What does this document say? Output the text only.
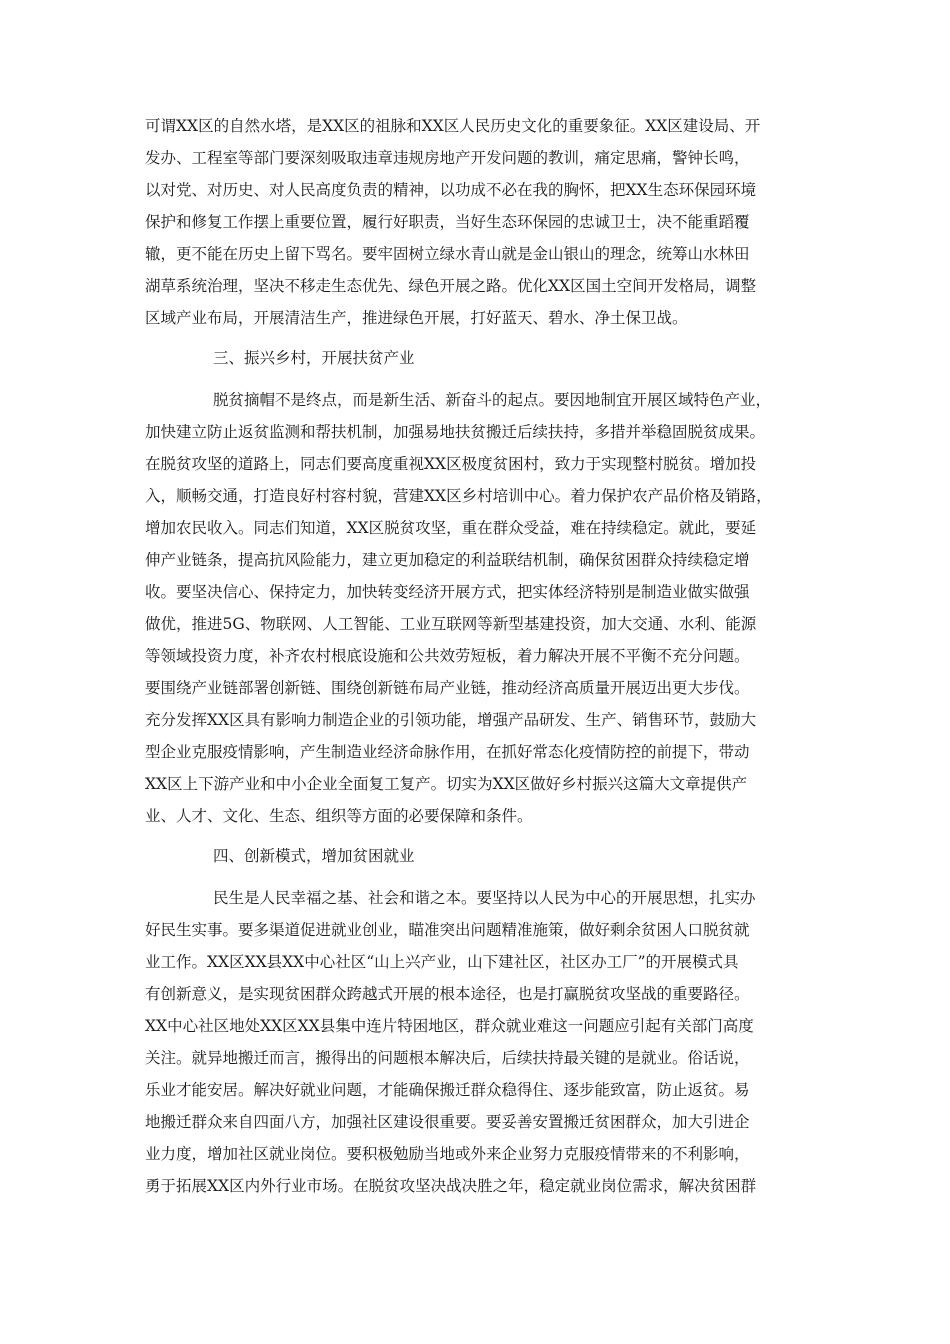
可谓XX区的自然水塔，是XX区的祖脉和XX区人民历史文化的重要象征。XX区建设局、开
发办、工程室等部门要深刻吸取违章违规房地产开发问题的教训，痛定思痛，警钟长鸣，
以对党、对历史、对人民高度负责的精神，以功成不必在我的胸怀，把XX生态环保园环境
保护和修复工作摆上重要位置，履行好职责，当好生态环保园的忠诚卫士，决不能重蹈覆
辙，更不能在历史上留下骂名。要牢固树立绿水青山就是金山银山的理念，统筹山水林田
湖草系统治理，坚决不移走生态优先、绿色开展之路。优化XX区国土空间开发格局，调整
区域产业布局，开展清洁生产，推进绿色开展，打好蓝天、碧水、净土保卫战。
三、振兴乡村，开展扶贫产业
脱贫摘帽不是终点，而是新生活、新奋斗的起点。要因地制宜开展区域特色产业，
加快建立防止返贫监测和帮扶机制，加强易地扶贫搬迁后续扶持，多措并举稳固脱贫成果。
在脱贫攻坚的道路上，同志们要高度重视XX区极度贫困村，致力于实现整村脱贫。增加投
入，顺畅交通，打造良好村容村貌，营建XX区乡村培训中心。着力保护农产品价格及销路，
增加农民收入。同志们知道，XX区脱贫攻坚，重在群众受益，难在持续稳定。就此，要延
伸产业链条，提高抗风险能力，建立更加稳定的利益联结机制，确保贫困群众持续稳定增
收。要坚决信心、保持定力，加快转变经济开展方式，把实体经济特别是制造业做实做强
做优，推进5G、物联网、人工智能、工业互联网等新型基建投资，加大交通、水利、能源
等领域投资力度，补齐农村根底设施和公共效劳短板，着力解决开展不平衡不充分问题。
要围绕产业链部署创新链、围绕创新链布局产业链，推动经济高质量开展迈出更大步伐。
充分发挥XX区具有影响力制造企业的引领功能，增强产品研发、生产、销售环节，鼓励大
型企业克服疫情影响，产生制造业经济命脉作用，在抓好常态化疫情防控的前提下，带动
XX区上下游产业和中小企业全面复工复产。切实为XX区做好乡村振兴这篇大文章提供产
业、人才、文化、生态、组织等方面的必要保障和条件。
四、创新模式，增加贫困就业
民生是人民幸福之基、社会和谐之本。要坚持以人民为中心的开展思想，扎实办
好民生实事。要多渠道促进就业创业，瞄准突出问题精准施策，做好剩余贫困人口脱贫就
业工作。XX区XX县XX中心社区“山上兴产业，山下建社区，社区办工厂”的开展模式具
有创新意义，是实现贫困群众跨越式开展的根本途径，也是打赢脱贫攻坚战的重要路径。
XX中心社区地处XX区XX县集中连片特困地区，群众就业难这一问题应引起有关部门高度
关注。就异地搬迁而言，搬得出的问题根本解决后，后续扶持最关键的是就业。俗话说，
乐业才能安居。解决好就业问题，才能确保搬迁群众稳得住、逐步能致富，防止返贫。易
地搬迁群众来自四面八方，加强社区建设很重要。要妥善安置搬迁贫困群众，加大引进企
业力度，增加社区就业岗位。要积极勉励当地或外来企业努力克服疫情带来的不利影响，
勇于拓展XX区内外行业市场。在脱贫攻坚决战决胜之年，稳定就业岗位需求，解决贫困群
